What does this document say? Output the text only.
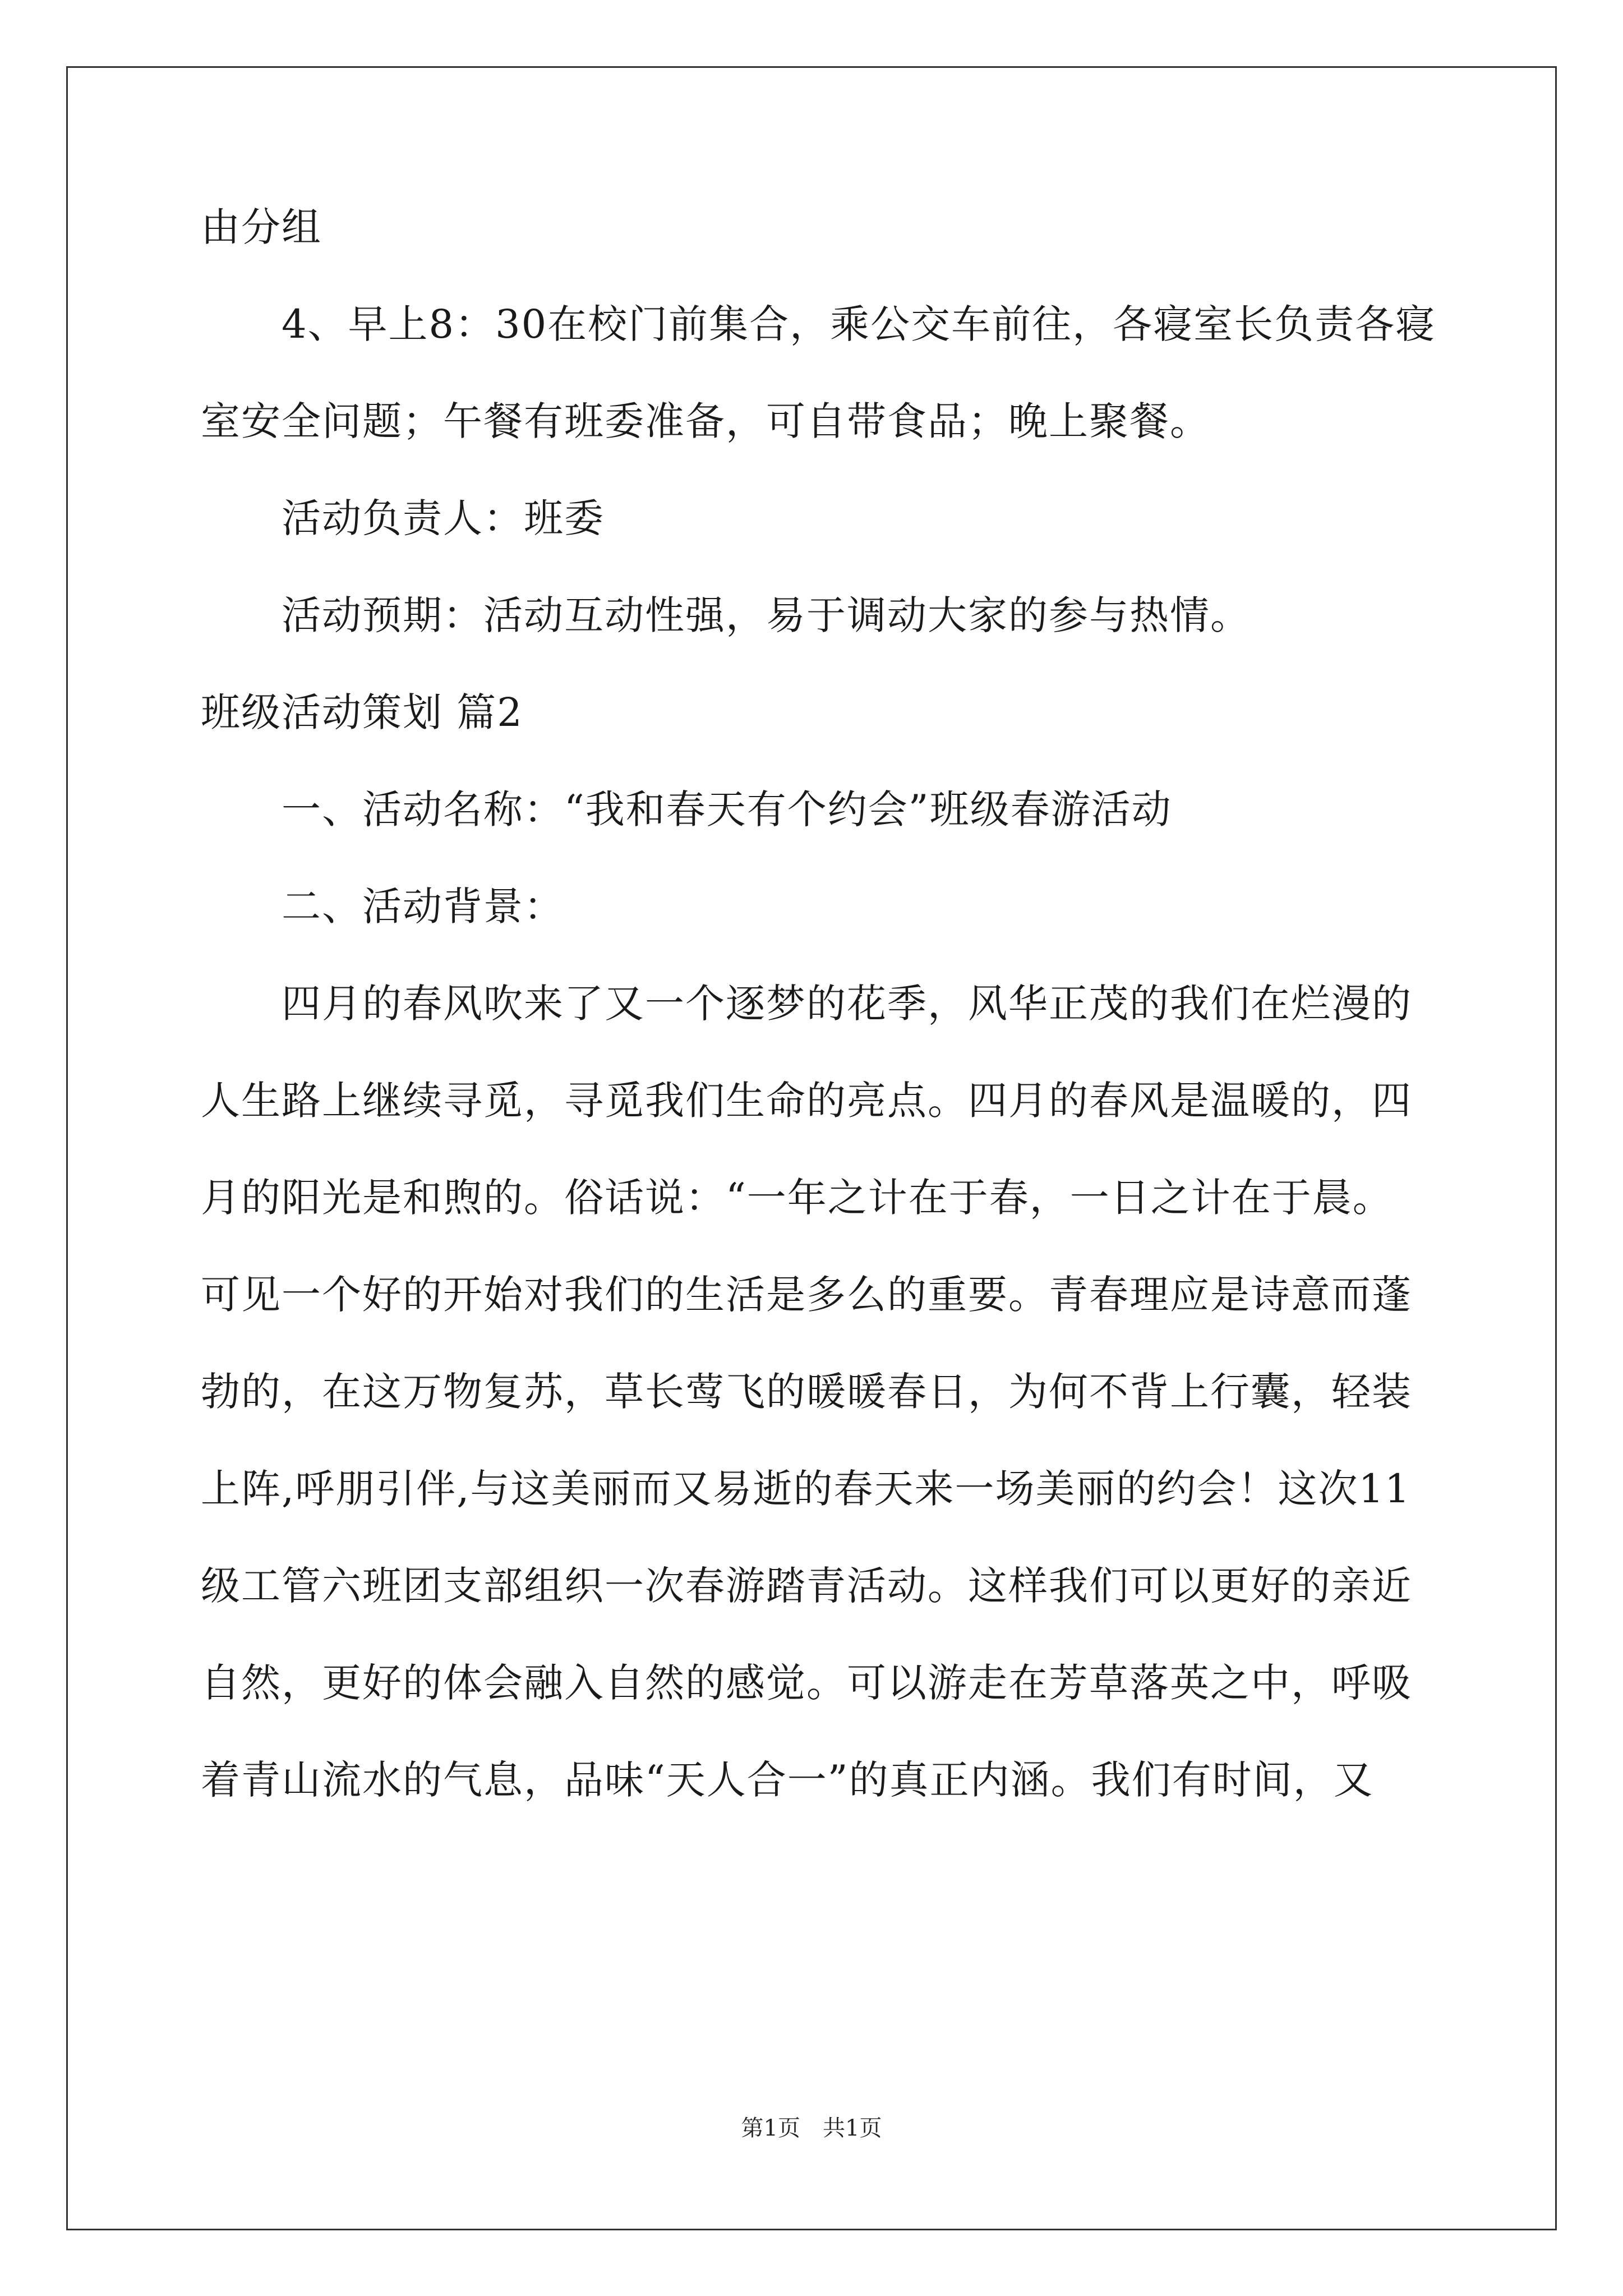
由分组

　　4、早上8：30在校门前集合，乘公交车前往，各寝室长负责各寝

室安全问题；午餐有班委准备，可自带食品；晚上聚餐。

　　活动负责人：班委

　　活动预期：活动互动性强，易于调动大家的参与热情。

班级活动策划 篇2

　　一、活动名称：“我和春天有个约会”班级春游活动

　　二、活动背景：

　　四月的春风吹来了又一个逐梦的花季，风华正茂的我们在烂漫的

人生路上继续寻觅，寻觅我们生命的亮点。四月的春风是温暖的，四

月的阳光是和煦的。俗话说：“一年之计在于春，一日之计在于晨。

可见一个好的开始对我们的生活是多么的重要。青春理应是诗意而蓬

勃的，在这万物复苏，草长莺飞的暖暖春日，为何不背上行囊，轻装

上阵,呼朋引伴,与这美丽而又易逝的春天来一场美丽的约会！这次11

级工管六班团支部组织一次春游踏青活动。这样我们可以更好的亲近

自然，更好的体会融入自然的感觉。可以游走在芳草落英之中，呼吸

着青山流水的气息，品味“天人合一”的真正内涵。我们有时间，又

第1页　共1页
